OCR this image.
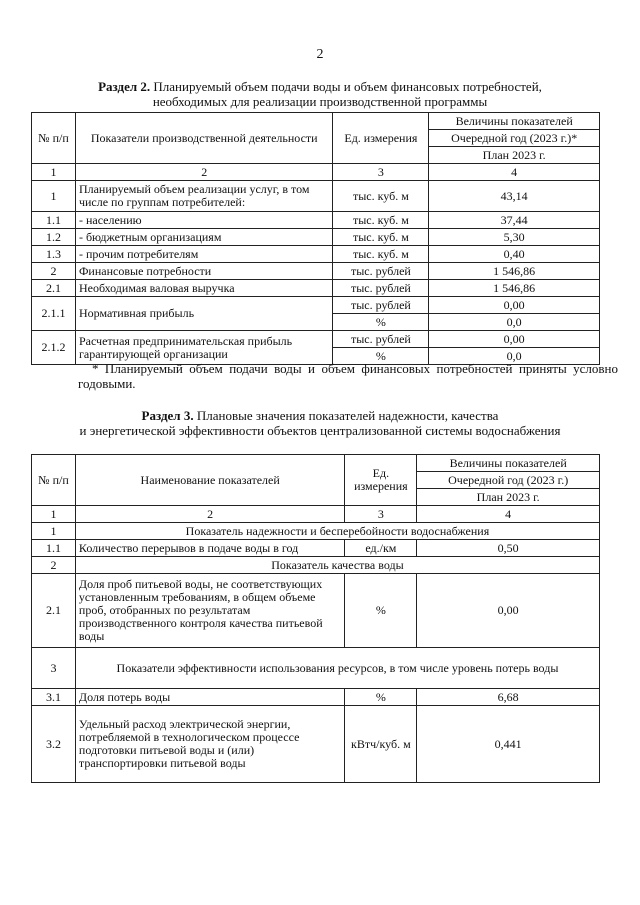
2
Раздел 2. Планируемый объем подачи воды и объем финансовых потребностей,
необходимых для реализации производственной программы
№ п/п	Показатели производственной деятельности	Ед. измерения	Величины показателей
			Очередной год (2023 г.)*
			План 2023 г.
1	2	3	4
1	Планируемый объем реализации услуг, в том числе по группам потребителей:	тыс. куб. м	43,14
1.1	- населению	тыс. куб. м	37,44
1.2	- бюджетным организациям	тыс. куб. м	5,30
1.3	- прочим потребителям	тыс. куб. м	0,40
2	Финансовые потребности	тыс. рублей	1 546,86
2.1	Необходимая валовая выручка	тыс. рублей	1 546,86
2.1.1	Нормативная прибыль	тыс. рублей	0,00
		%	0,0
2.1.2	Расчетная предпринимательская прибыль гарантирующей организации	тыс. рублей	0,00
		%	0,0
* Планируемый объем подачи воды и объем финансовых потребностей приняты условно годовыми.
Раздел 3. Плановые значения показателей надежности, качества
и энергетической эффективности объектов централизованной системы водоснабжения
№ п/п	Наименование показателей	Ед. измерения	Величины показателей
			Очередной год (2023 г.)
			План 2023 г.
1	2	3	4
1	Показатель надежности и бесперебойности водоснабжения		
1.1	Количество перерывов в подаче воды в год	ед./км	0,50
2	Показатель качества воды		
2.1	Доля проб питьевой воды, не соответствующих установленным требованиям, в общем объеме проб, отобранных по результатам производственного контроля качества питьевой воды	%	0,00
3	Показатели эффективности использования ресурсов, в том числе уровень потерь воды		
3.1	Доля потерь воды	%	6,68
3.2	Удельный расход электрической энергии, потребляемой в технологическом процессе подготовки питьевой воды и (или) транспортировки питьевой воды	кВтч/куб. м	0,441
